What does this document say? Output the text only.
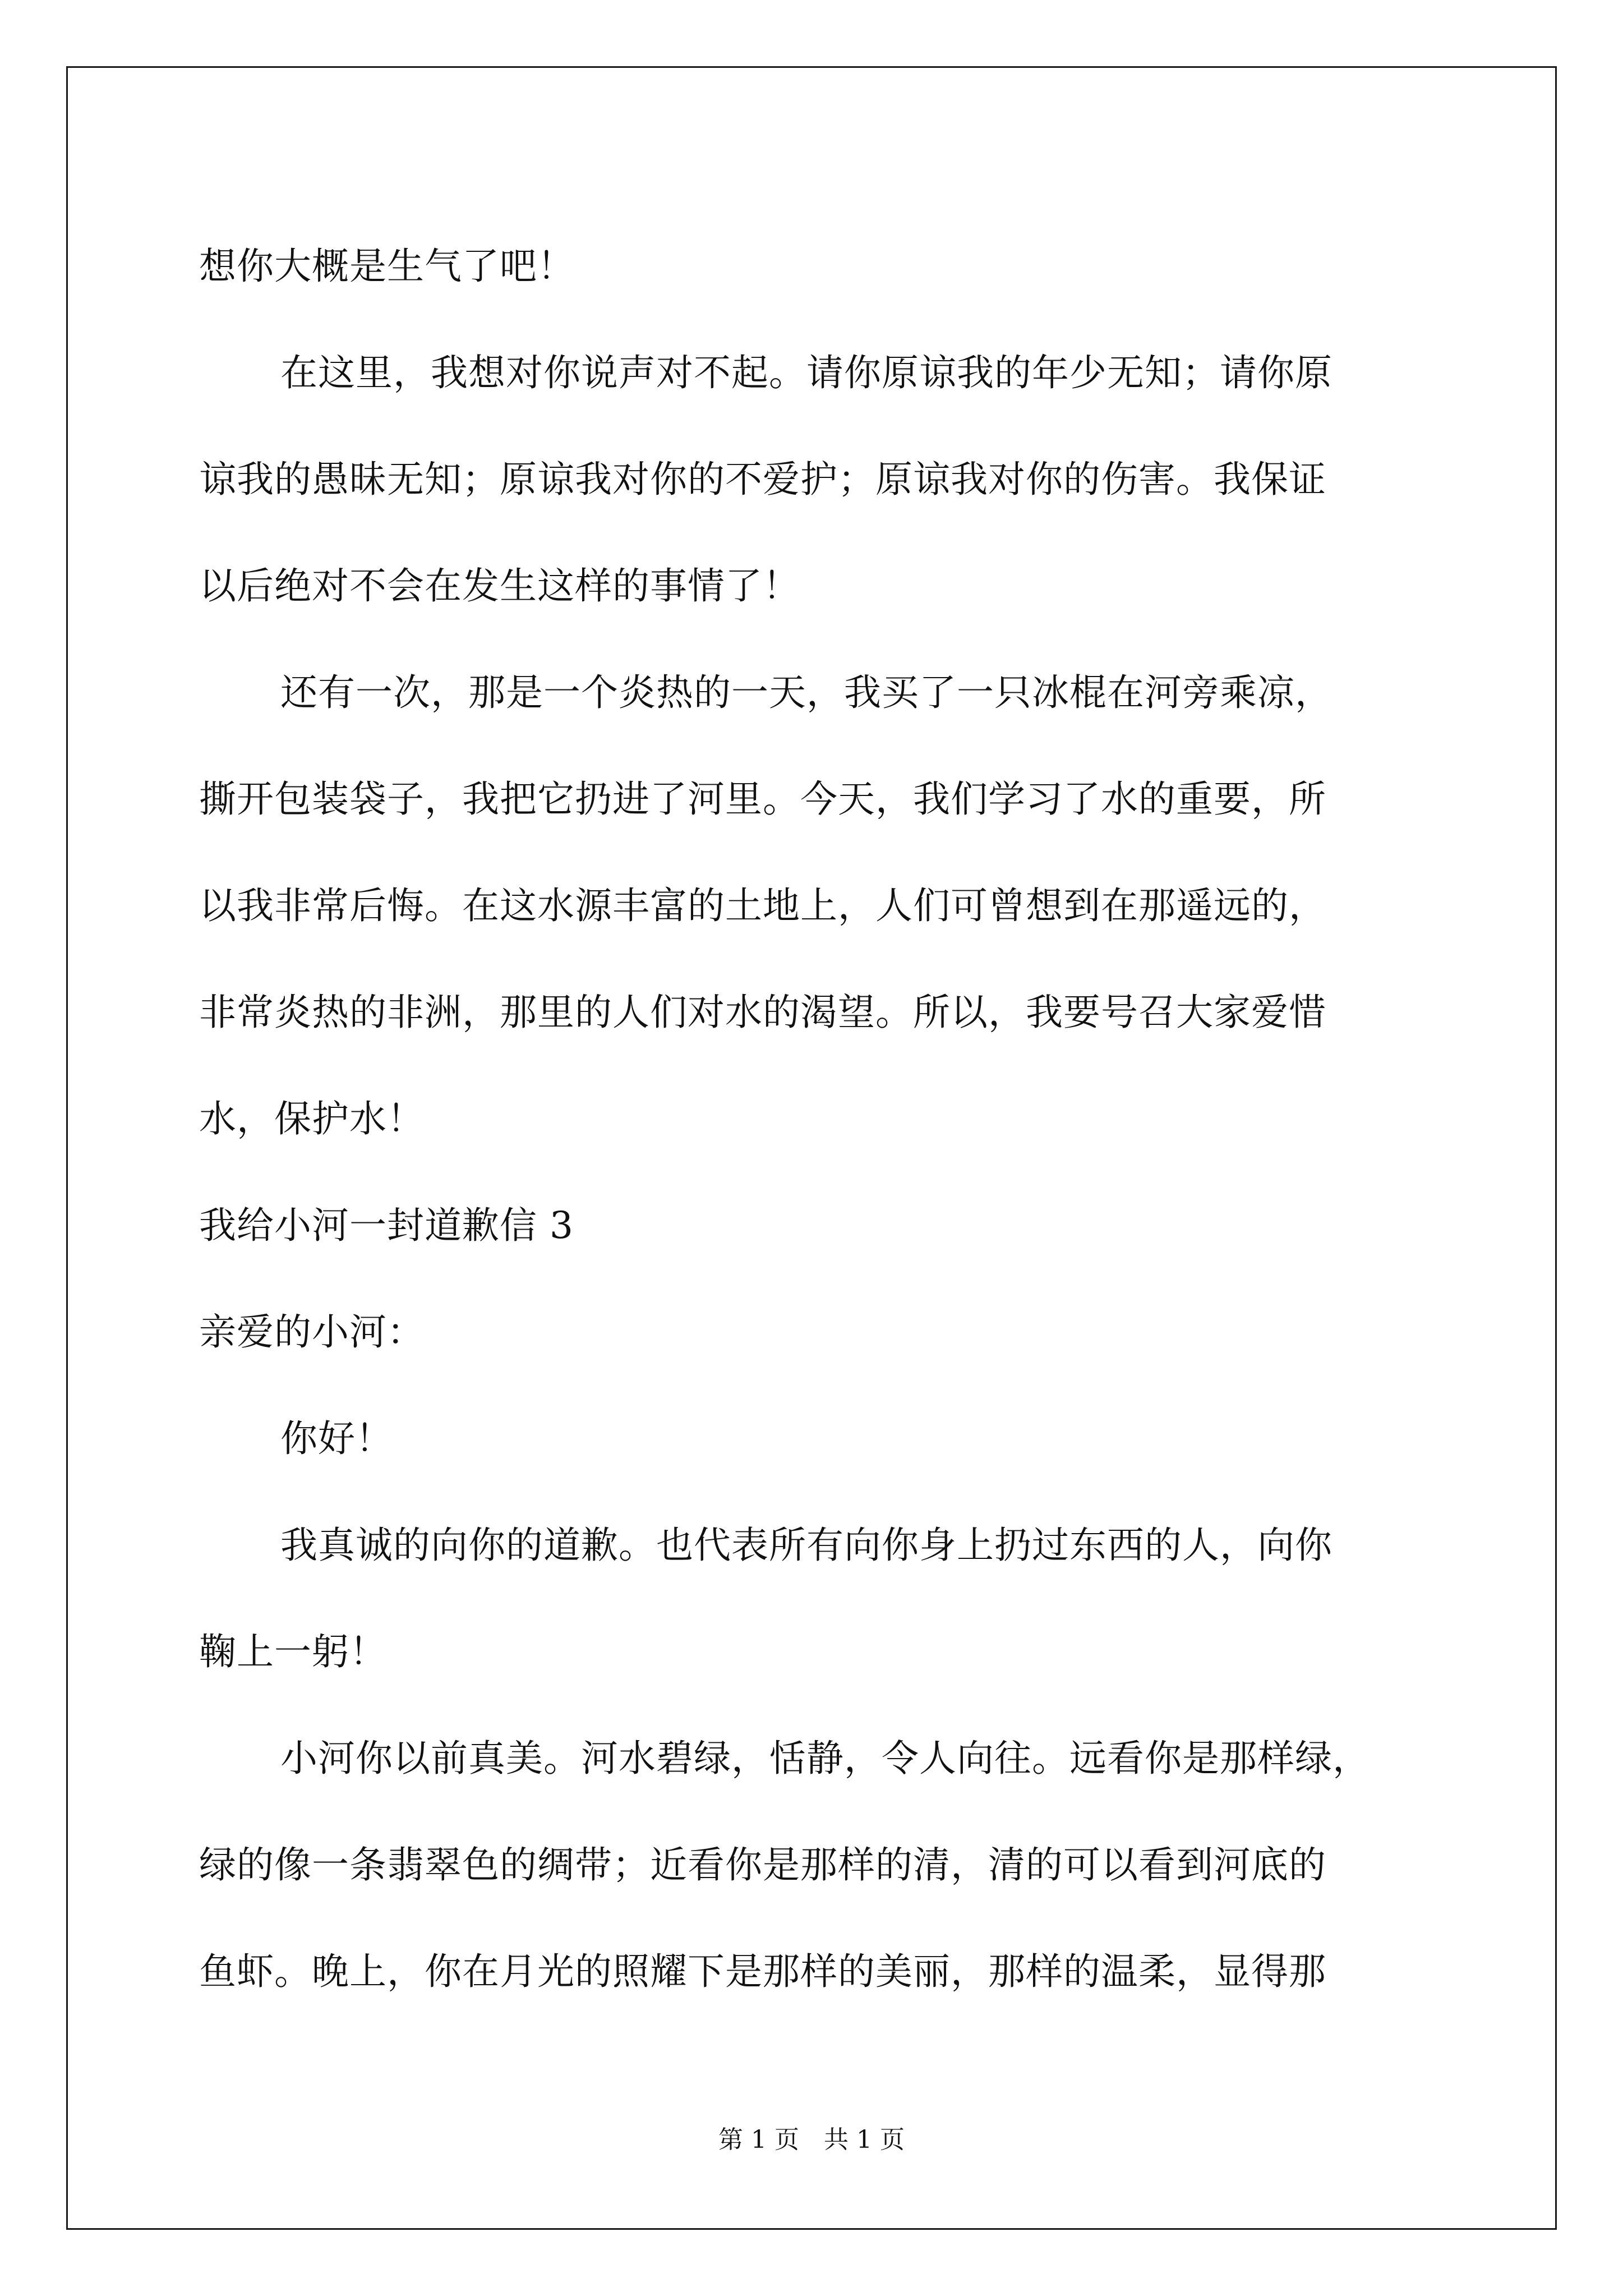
想你大概是生气了吧！

在这里，我想对你说声对不起。请你原谅我的年少无知；请你原

谅我的愚昧无知；原谅我对你的不爱护；原谅我对你的伤害。我保证

以后绝对不会在发生这样的事情了！

还有一次，那是一个炎热的一天，我买了一只冰棍在河旁乘凉，

撕开包装袋子，我把它扔进了河里。今天，我们学习了水的重要，所

以我非常后悔。在这水源丰富的土地上，人们可曾想到在那遥远的，

非常炎热的非洲，那里的人们对水的渴望。所以，我要号召大家爱惜

水，保护水！

我给小河一封道歉信 3

亲爱的小河：

你好！

我真诚的向你的道歉。也代表所有向你身上扔过东西的人，向你

鞠上一躬！

小河你以前真美。河水碧绿，恬静，令人向往。远看你是那样绿，

绿的像一条翡翠色的绸带；近看你是那样的清，清的可以看到河底的

鱼虾。晚上，你在月光的照耀下是那样的美丽，那样的温柔，显得那

第 1 页　共 1 页
